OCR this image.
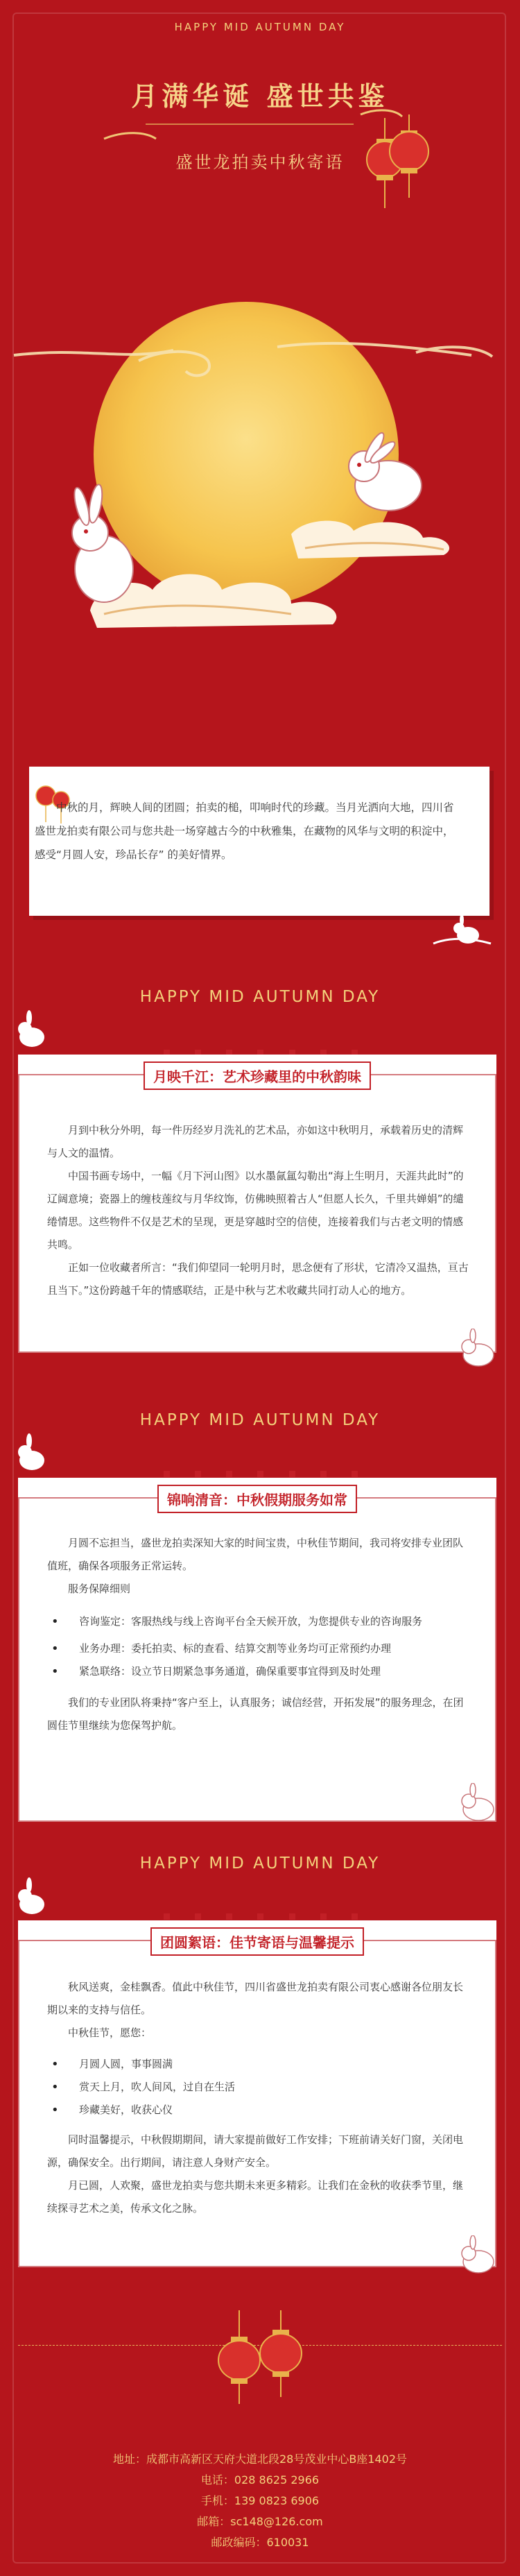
HAPPY MID AUTUMN DAY
月满华诞 盛世共鉴
盛世龙拍卖中秋寄语
中秋的月，辉映人间的团圆；拍卖的槌，叩响时代的珍藏。当月光洒向大地，四川省盛世龙拍卖有限公司与您共赴一场穿越古今的中秋雅集，在藏物的风华与文明的积淀中，感受“月圆人安，珍品长存” 的美好情界。
HAPPY MID AUTUMN DAY
月映千江：艺术珍藏里的中秋韵味

月到中秋分外明，每一件历经岁月洗礼的艺术品，亦如这中秋明月，承载着历史的清辉与人文的温情。

中国书画专场中，一幅《月下河山图》以水墨氤氲勾勒出“海上生明月，天涯共此时”的辽阔意境；瓷器上的缠枝莲纹与月华纹饰，仿佛映照着古人“但愿人长久，千里共婵娟”的缱绻情思。这些物件不仅是艺术的呈现，更是穿越时空的信使，连接着我们与古老文明的情感共鸣。

正如一位收藏者所言：“我们仰望同一轮明月时，思念便有了形状，它清冷又温热，亘古且当下。”这份跨越千年的情感联结，正是中秋与艺术收藏共同打动人心的地方。

HAPPY MID AUTUMN DAY
锦响清音：中秋假期服务如常

月圆不忘担当，盛世龙拍卖深知大家的时间宝贵，中秋佳节期间，我司将安排专业团队值班，确保各项服务正常运转。

服务保障细则

• 咨询鉴定：客服热线与线上咨询平台全天候开放，为您提供专业的咨询服务
• 业务办理：委托拍卖、标的查看、结算交割等业务均可正常预约办理
• 紧急联络：设立节日期紧急事务通道，确保重要事宜得到及时处理

我们的专业团队将秉持“客户至上，认真服务；诚信经营，开拓发展”的服务理念，在团圆佳节里继续为您保驾护航。

HAPPY MID AUTUMN DAY
团圆絮语：佳节寄语与温馨提示

秋风送爽，金桂飘香。值此中秋佳节，四川省盛世龙拍卖有限公司衷心感谢各位朋友长期以来的支持与信任。

中秋佳节，愿您：

• 月圆人圆，事事圆满
• 赏天上月，吹人间风，过自在生活
• 珍藏美好，收获心仪

同时温馨提示，中秋假期期间，请大家提前做好工作安排；下班前请关好门窗，关闭电源，确保安全。出行期间，请注意人身财产安全。

月已圆，人欢聚，盛世龙拍卖与您共期未来更多精彩。让我们在金秋的收获季节里，继续探寻艺术之美，传承文化之脉。

地址：成都市高新区天府大道北段28号茂业中心B座1402号
电话：028 8625 2966
手机：139 0823 6906
邮箱：sc148@126.com
邮政编码：610031
